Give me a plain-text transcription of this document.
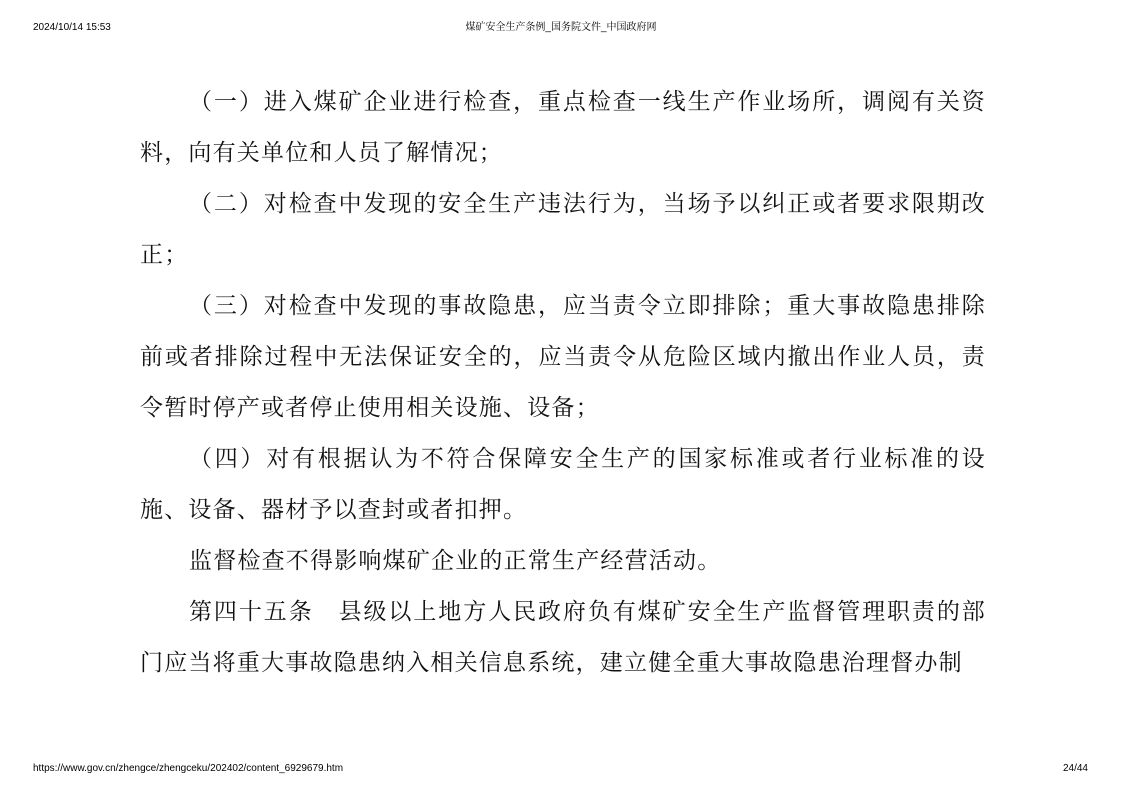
2024/10/14 15:53	煤矿安全生产条例_国务院文件_中国政府网

（一）进入煤矿企业进行检查，重点检查一线生产作业场所，调阅有关资料，向有关单位和人员了解情况；

（二）对检查中发现的安全生产违法行为，当场予以纠正或者要求限期改正；

（三）对检查中发现的事故隐患，应当责令立即排除；重大事故隐患排除前或者排除过程中无法保证安全的，应当责令从危险区域内撤出作业人员，责令暂时停产或者停止使用相关设施、设备；

（四）对有根据认为不符合保障安全生产的国家标准或者行业标准的设施、设备、器材予以查封或者扣押。

监督检查不得影响煤矿企业的正常生产经营活动。

第四十五条　县级以上地方人民政府负有煤矿安全生产监督管理职责的部门应当将重大事故隐患纳入相关信息系统，建立健全重大事故隐患治理督办制

https://www.gov.cn/zhengce/zhengceku/202402/content_6929679.htm	24/44
